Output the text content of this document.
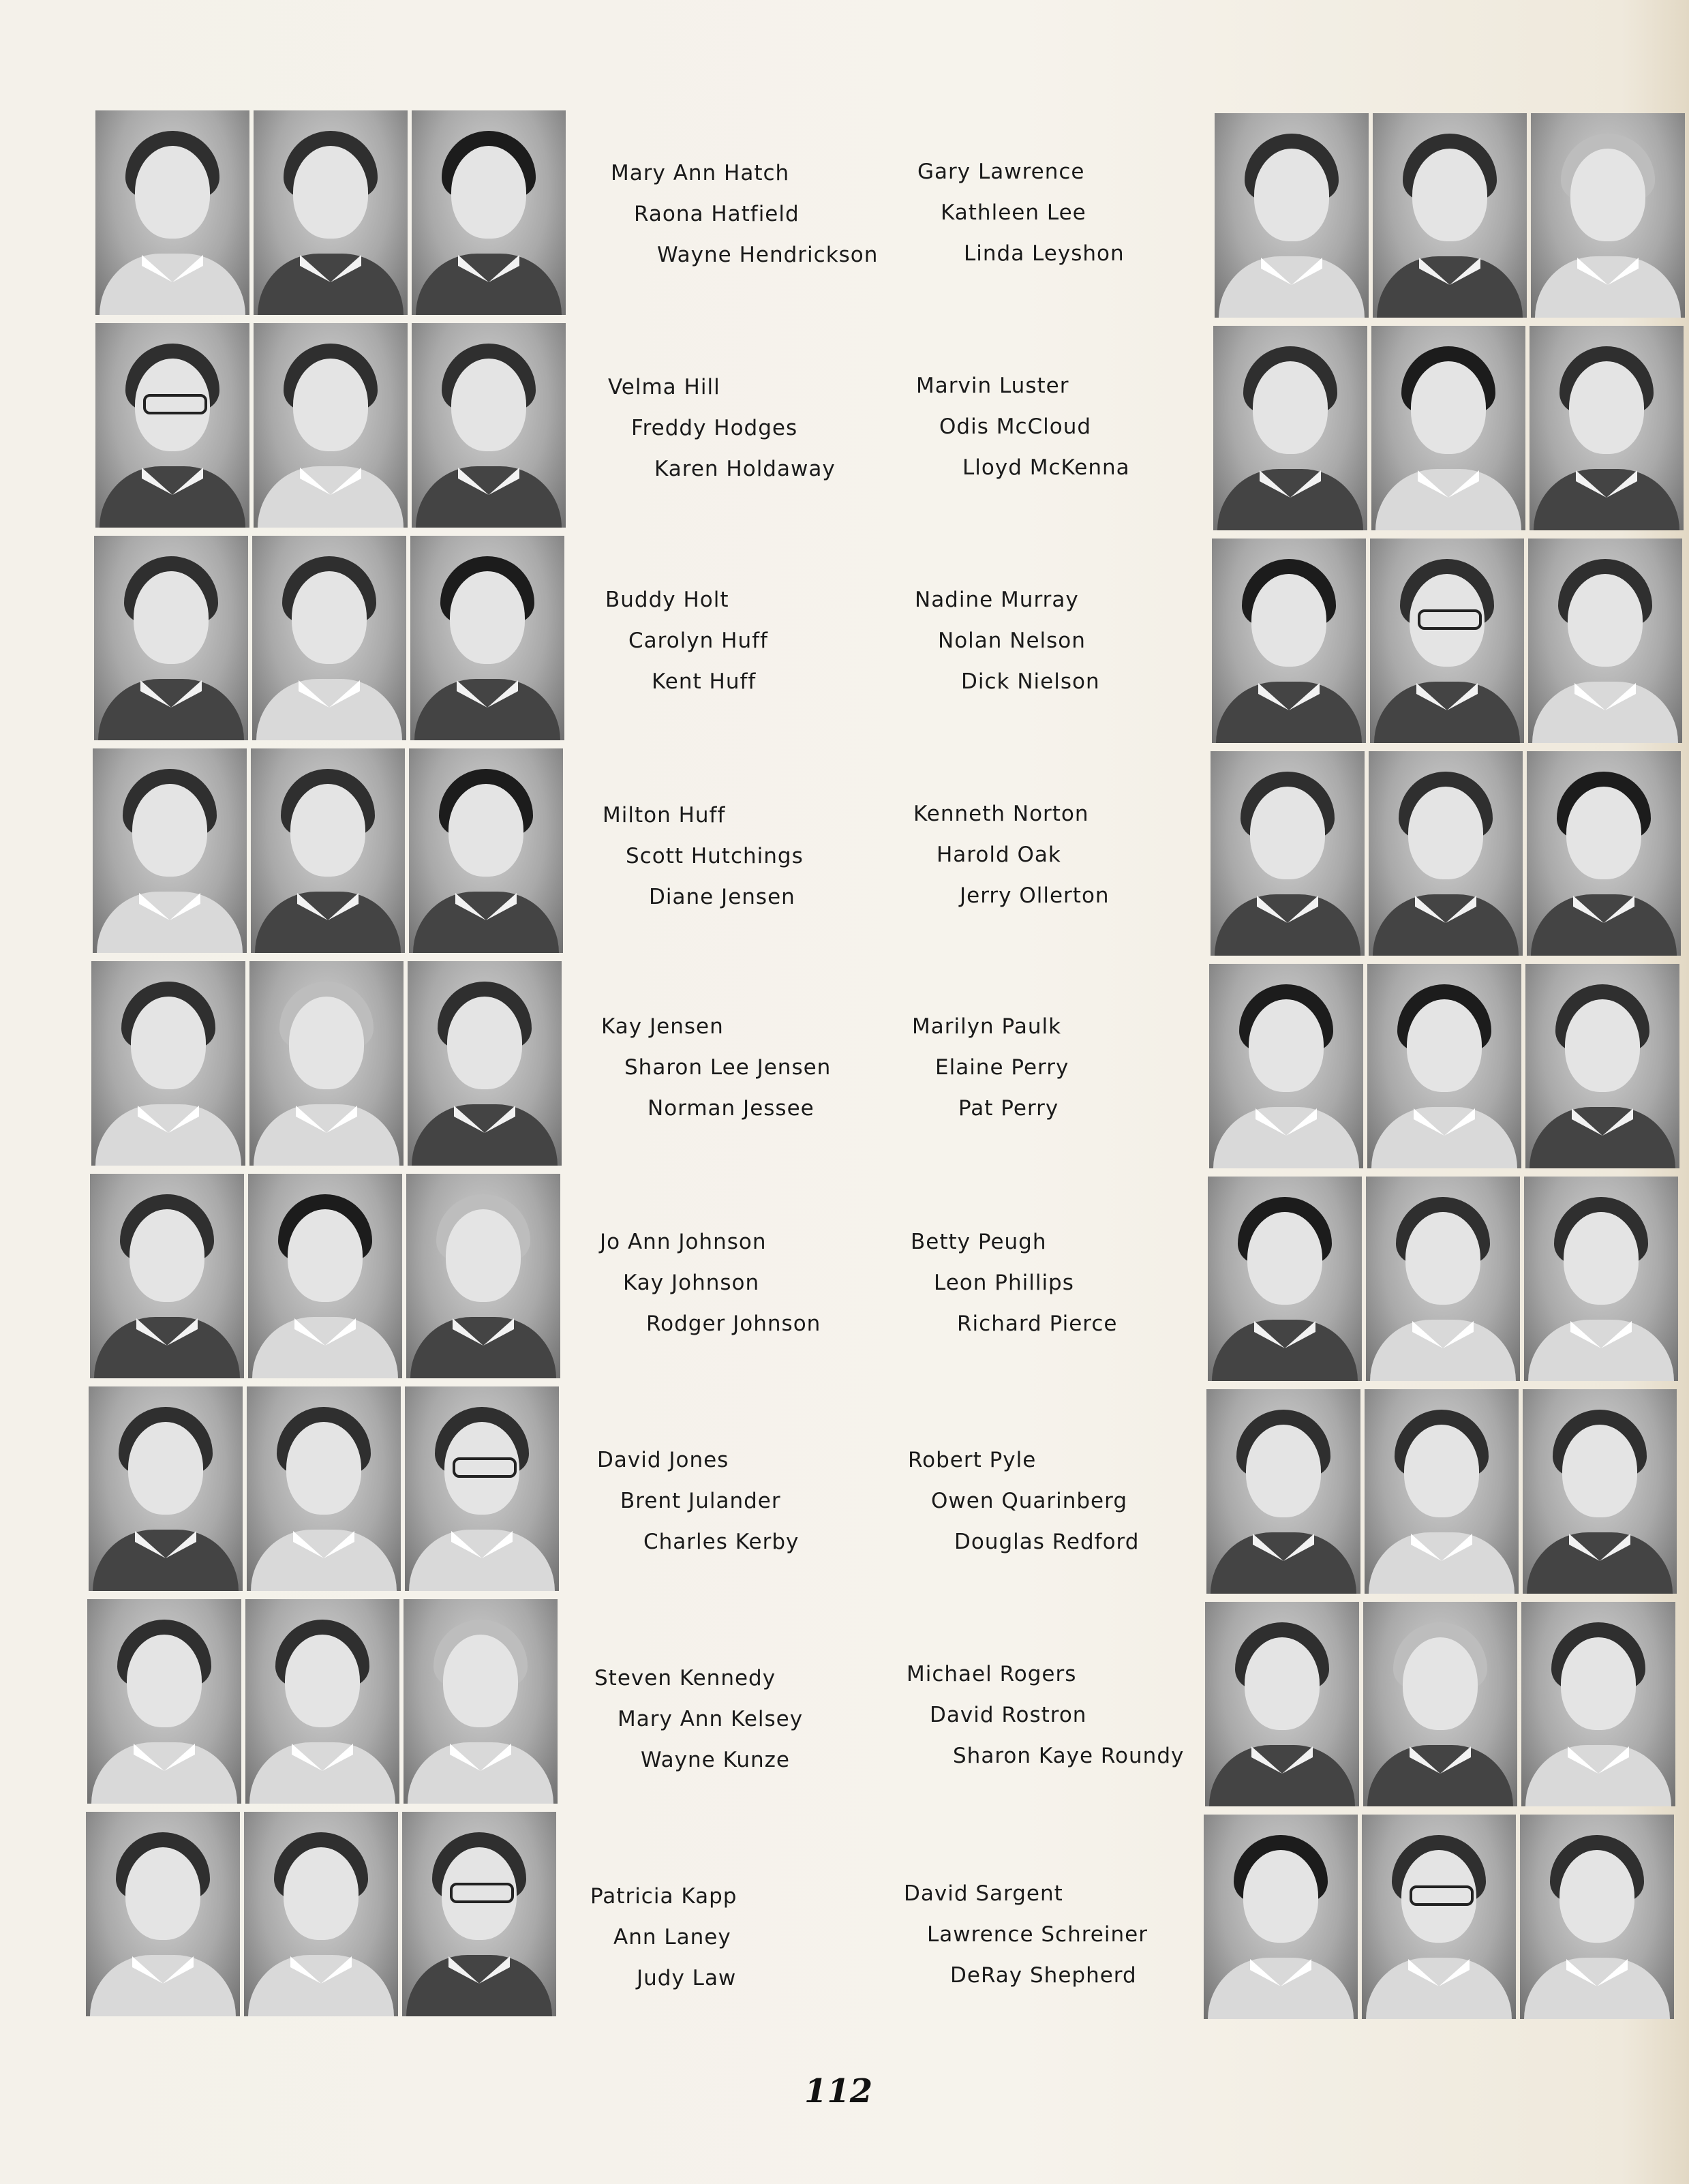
Mary Ann Hatch
Raona Hatfield
Wayne Hendrickson
Velma Hill
Freddy Hodges
Karen Holdaway
Buddy Holt
Carolyn Huff
Kent Huff
Milton Huff
Scott Hutchings
Diane Jensen
Kay Jensen
Sharon Lee Jensen
Norman Jessee
Jo Ann Johnson
Kay Johnson
Rodger Johnson
David Jones
Brent Julander
Charles Kerby
Steven Kennedy
Mary Ann Kelsey
Wayne Kunze
Patricia Kapp
Ann Laney
Judy Law
Gary Lawrence
Kathleen Lee
Linda Leyshon
Marvin Luster
Odis McCloud
Lloyd McKenna
Nadine Murray
Nolan Nelson
Dick Nielson
Kenneth Norton
Harold Oak
Jerry Ollerton
Marilyn Paulk
Elaine Perry
Pat Perry
Betty Peugh
Leon Phillips
Richard Pierce
Robert Pyle
Owen Quarinberg
Douglas Redford
Michael Rogers
David Rostron
Sharon Kaye Roundy
David Sargent
Lawrence Schreiner
DeRay Shepherd
112
